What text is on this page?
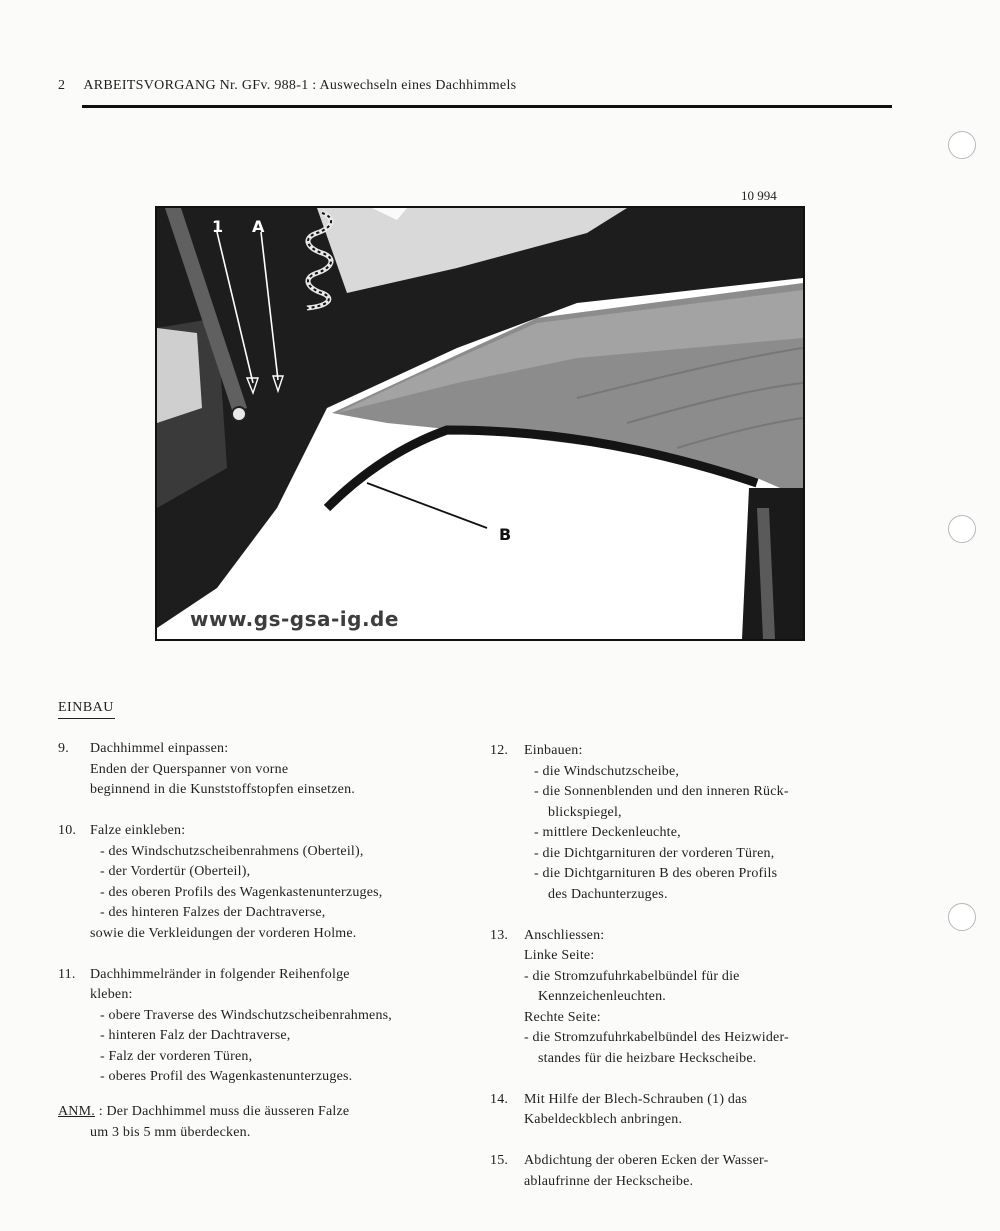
2 ARBEITSVORGANG Nr. GFv. 988-1 : Auswechseln eines Dachhimmels
10 994
1 A
B
www.gs-gsa-ig.de
EINBAU
9. Dachhimmel einpassen:
Enden der Querspanner von vorne
beginnend in die Kunststoffstopfen einsetzen.
10. Falze einkleben:
- des Windschutzscheibenrahmens (Oberteil),
- der Vordertür (Oberteil),
- des oberen Profils des Wagenkastenunterzuges,
- des hinteren Falzes der Dachtraverse,
sowie die Verkleidungen der vorderen Holme.
11. Dachhimmelränder in folgender Reihenfolge
kleben:
- obere Traverse des Windschutzscheibenrahmens,
- hinteren Falz der Dachtraverse,
- Falz der vorderen Türen,
- oberes Profil des Wagenkastenunterzuges.
ANM. : Der Dachhimmel muss die äusseren Falze
um 3 bis 5 mm überdecken.
12. Einbauen:
- die Windschutzscheibe,
- die Sonnenblenden und den inneren Rück-
blickspiegel,
- mittlere Deckenleuchte,
- die Dichtgarnituren der vorderen Türen,
- die Dichtgarnituren B des oberen Profils
des Dachunterzuges.
13. Anschliessen:
Linke Seite:
- die Stromzufuhrkabelbündel für die
Kennzeichenleuchten.
Rechte Seite:
- die Stromzufuhrkabelbündel des Heizwider-
standes für die heizbare Heckscheibe.
14. Mit Hilfe der Blech-Schrauben (1) das
Kabeldeckblech anbringen.
15. Abdichtung der oberen Ecken der Wasser-
ablaufrinne der Heckscheibe.
